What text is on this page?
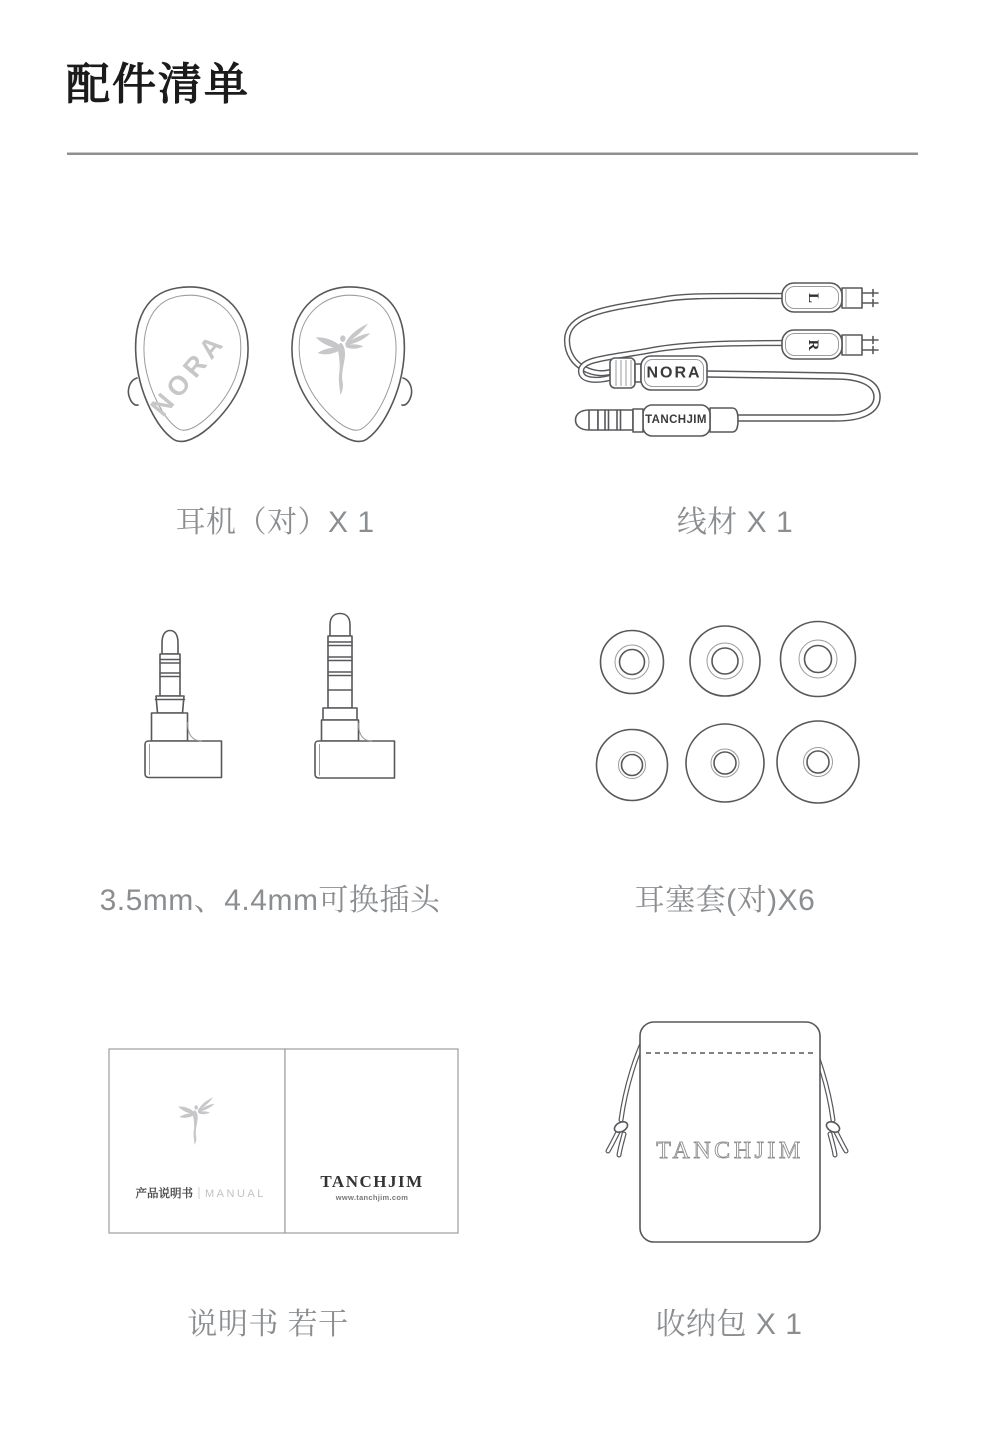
配件清单
NORA
耳机（对）X 1
L
R
NORA
TANCHJIM
线材 X 1
3.5mm、4.4mm可换插头	耳塞套(对)X6
产品说明书 MANUAL
TANCHJIM
www.tanchjim.com
说明书 若干
TANCHJIM
收纳包 X 1
